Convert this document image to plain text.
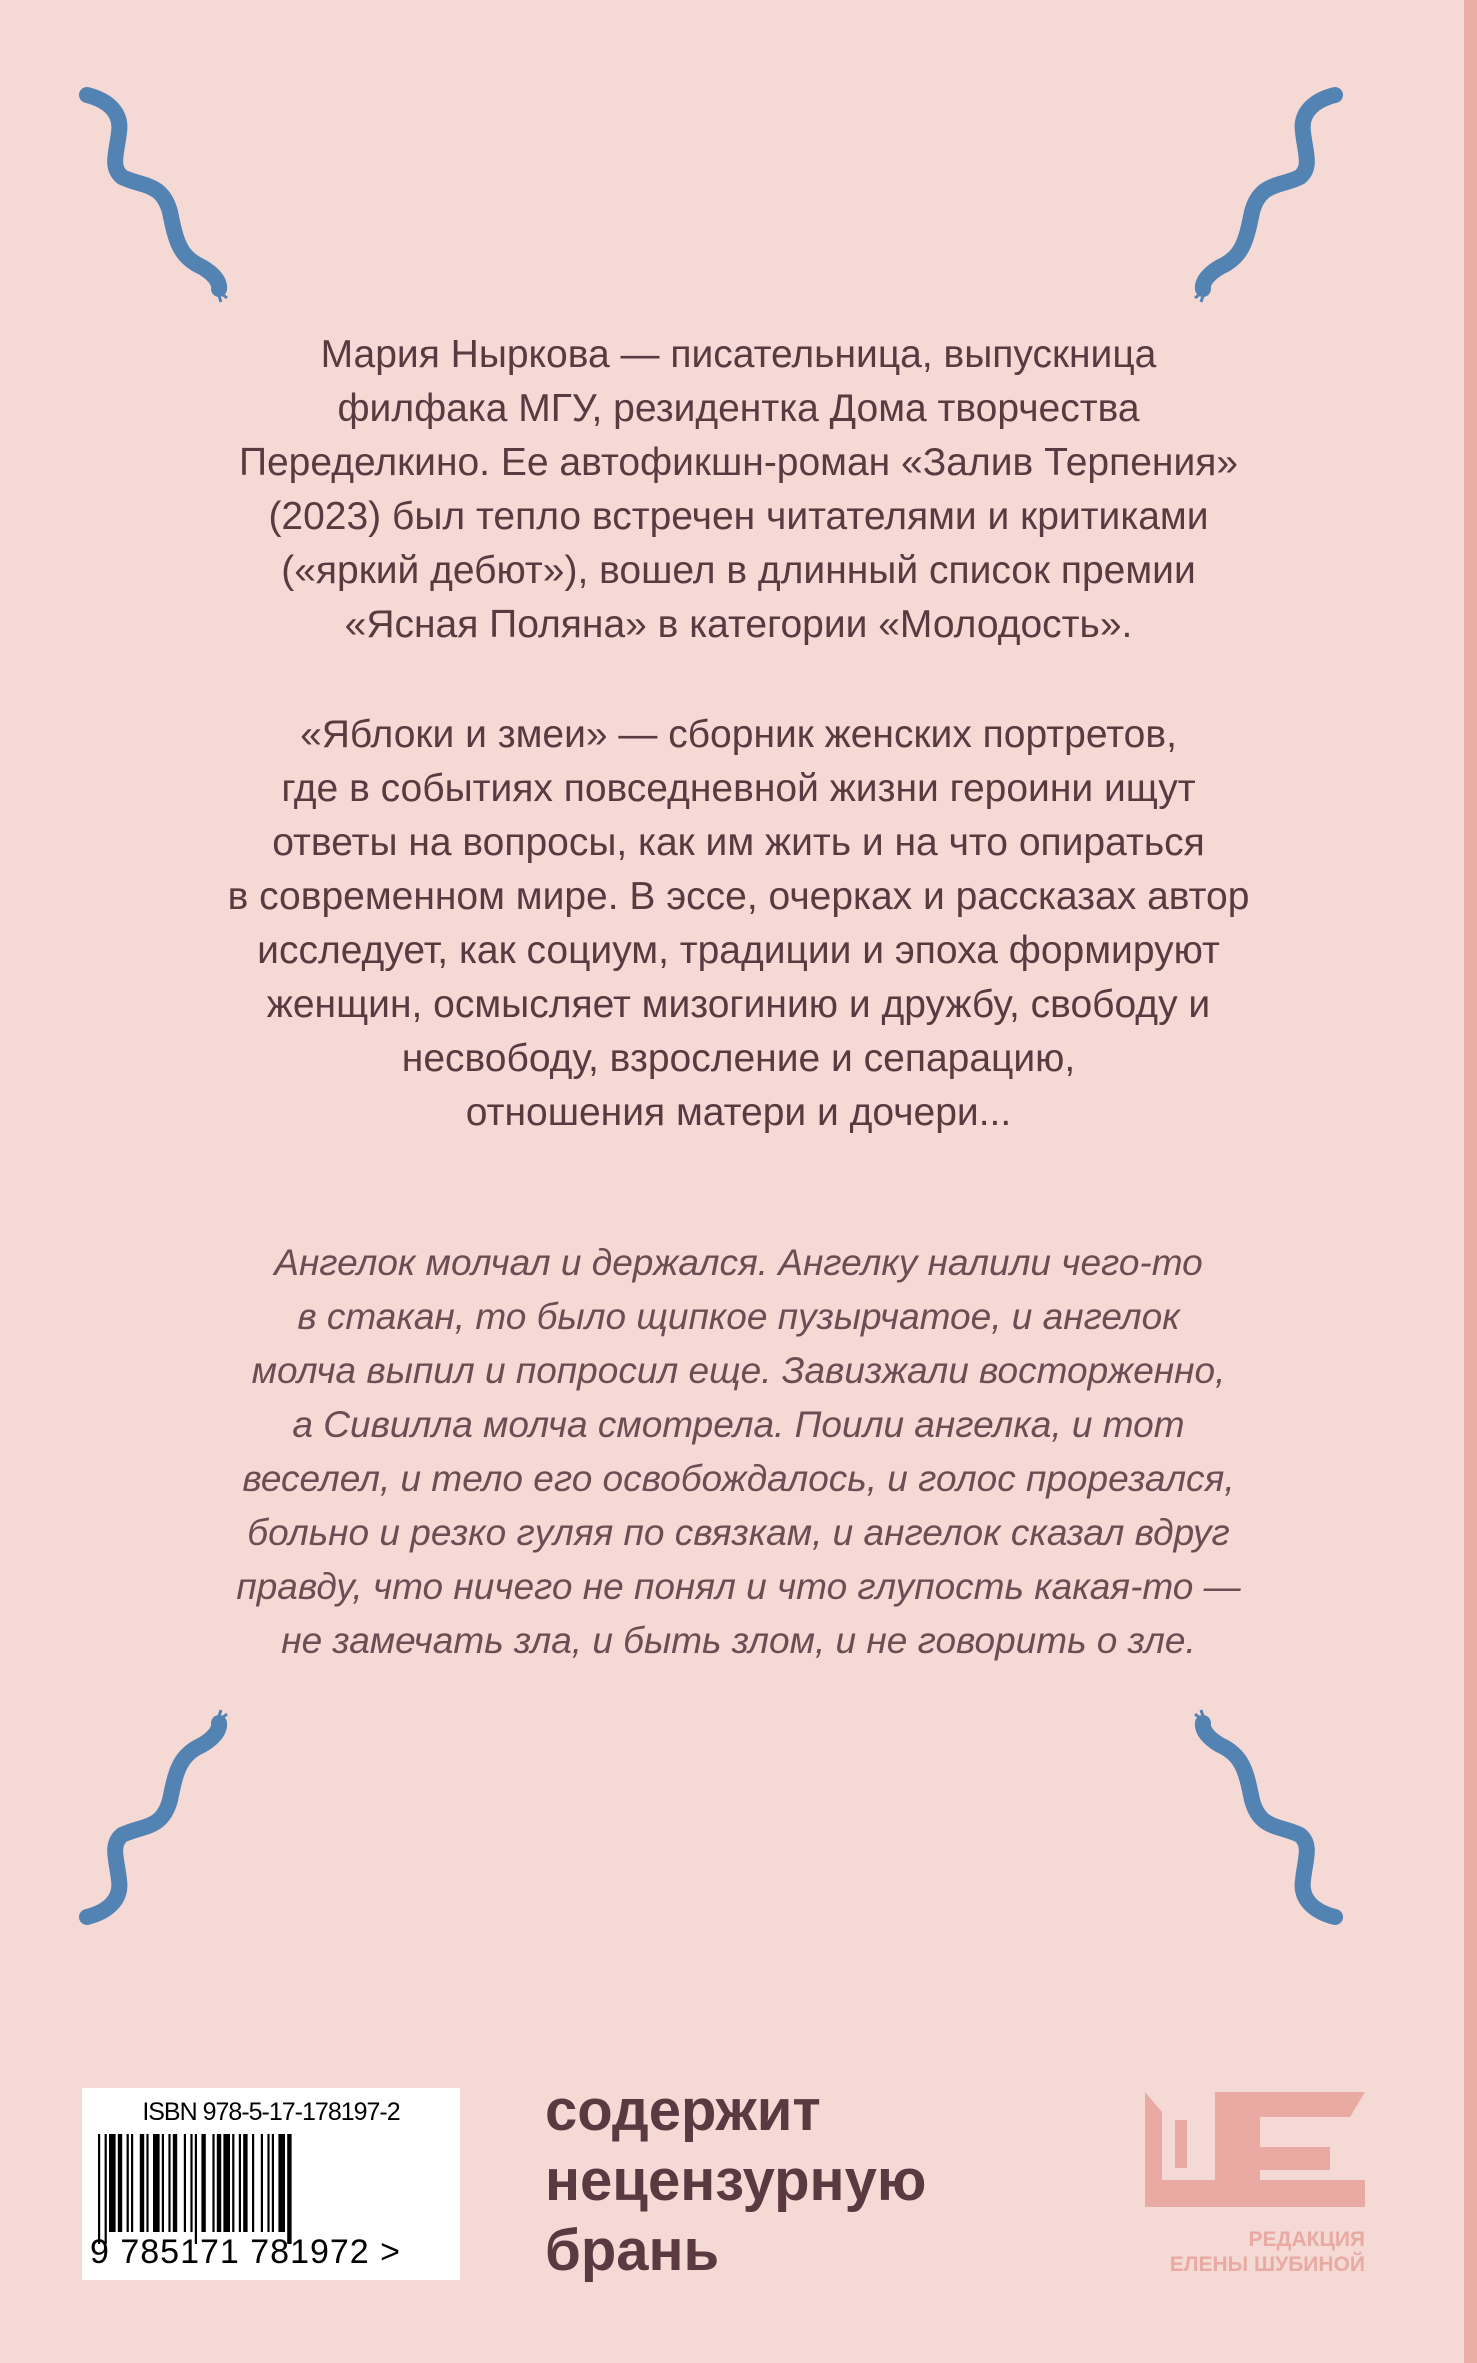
Мария Ныркова — писательница, выпускница
филфака МГУ, резидентка Дома творчества
Переделкино. Ее автофикшн-роман «Залив Терпения»
(2023) был тепло встречен читателями и критиками
(«яркий дебют»), вошел в длинный список премии
«Ясная Поляна» в категории «Молодость».
«Яблоки и змеи» — сборник женских портретов,
где в событиях повседневной жизни героини ищут
ответы на вопросы, как им жить и на что опираться
в современном мире. В эссе, очерках и рассказах автор
исследует, как социум, традиции и эпоха формируют
женщин, осмысляет мизогинию и дружбу, свободу и
несвободу, взросление и сепарацию,
отношения матери и дочери...
Ангелок молчал и держался. Ангелку налили чего-то
в стакан, то было щипкое пузырчатое, и ангелок
молча выпил и попросил еще. Завизжали восторженно,
а Сивилла молча смотрела. Поили ангелка, и тот
веселел, и тело его освобождалось, и голос прорезался,
больно и резко гуляя по связкам, и ангелок сказал вдруг
правду, что ничего не понял и что глупость какая-то —
не замечать зла, и быть злом, и не говорить о зле.
ISBN 978-5-17-178197-2
9 785171 781972 >
содержит
нецензурную
брань	РЕДАКЦИЯ
ЕЛЕНЫ ШУБИНОЙ
